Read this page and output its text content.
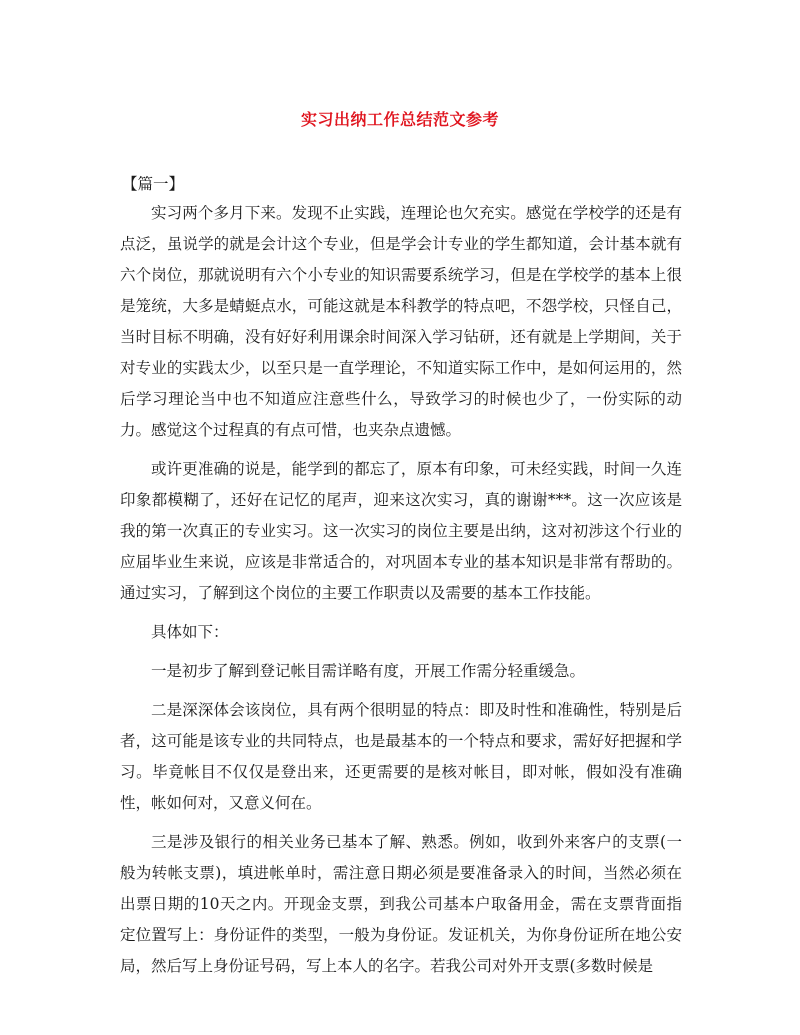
实习出纳工作总结范文参考
【篇一】

实习两个多月下来。发现不止实践，连理论也欠充实。感觉在学校学的还是有点泛，虽说学的就是会计这个专业，但是学会计专业的学生都知道，会计基本就有六个岗位，那就说明有六个小专业的知识需要系统学习，但是在学校学的基本上很是笼统，大多是蜻蜓点水，可能这就是本科教学的特点吧，不怨学校，只怪自己，当时目标不明确，没有好好利用课余时间深入学习钻研，还有就是上学期间，关于对专业的实践太少，以至只是一直学理论，不知道实际工作中，是如何运用的，然后学习理论当中也不知道应注意些什么，导致学习的时候也少了，一份实际的动力。感觉这个过程真的有点可惜，也夹杂点遗憾。

或许更准确的说是，能学到的都忘了，原本有印象，可未经实践，时间一久连印象都模糊了，还好在记忆的尾声，迎来这次实习，真的谢谢***。这一次应该是我的第一次真正的专业实习。这一次实习的岗位主要是出纳，这对初涉这个行业的应届毕业生来说，应该是非常适合的，对巩固本专业的基本知识是非常有帮助的。通过实习，了解到这个岗位的主要工作职责以及需要的基本工作技能。

具体如下：

一是初步了解到登记帐目需详略有度，开展工作需分轻重缓急。

二是深深体会该岗位，具有两个很明显的特点：即及时性和准确性，特别是后者，这可能是该专业的共同特点，也是最基本的一个特点和要求，需好好把握和学习。毕竟帐目不仅仅是登出来，还更需要的是核对帐目，即对帐，假如没有准确性，帐如何对，又意义何在。

三是涉及银行的相关业务已基本了解、熟悉。例如，收到外来客户的支票(一般为转帐支票)，填进帐单时，需注意日期必须是要准备录入的时间，当然必须在出票日期的10天之内。开现金支票，到我公司基本户取备用金，需在支票背面指定位置写上：身份证件的类型，一般为身份证。发证机关，为你身份证所在地公安局，然后写上身份证号码，写上本人的名字。若我公司对外开支票(多数时候是
